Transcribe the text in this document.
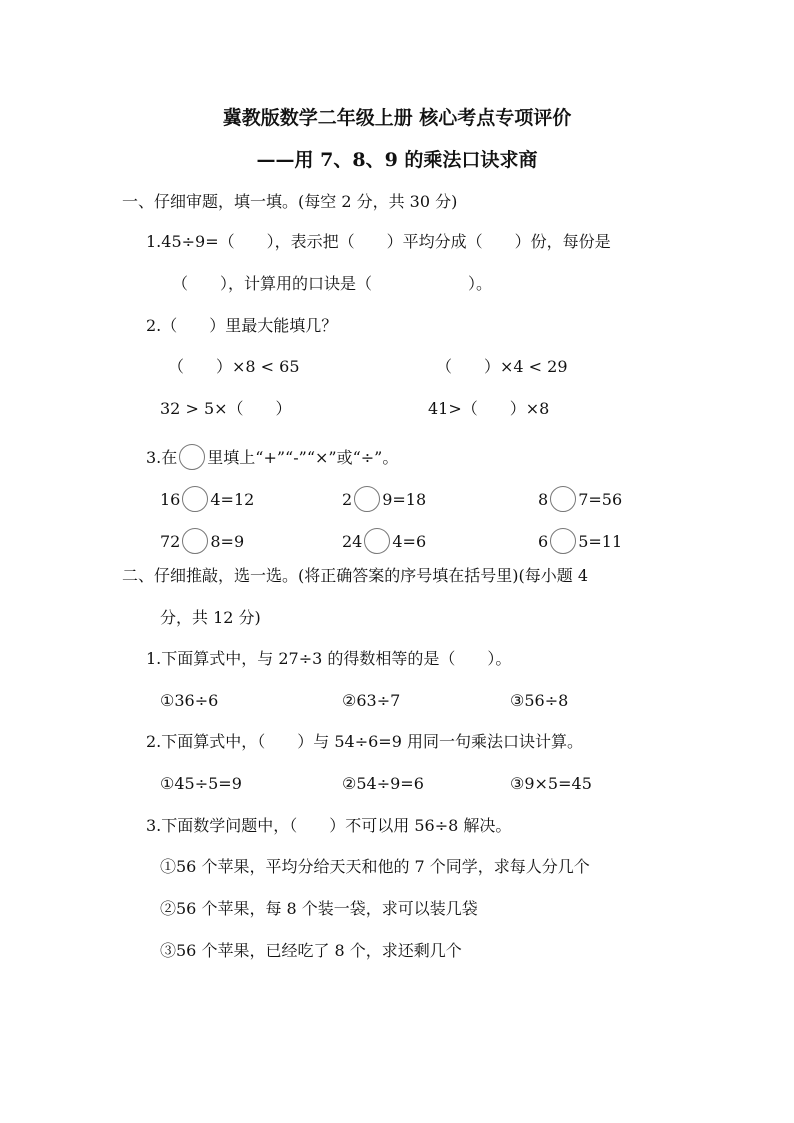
冀教版数学二年级上册 核心考点专项评价
——用 7、8、9 的乘法口诀求商
一、仔细审题，填一填。(每空 2 分，共 30 分)
1.45÷9=（　　），表示把（　　）平均分成（　　）份，每份是
（　　），计算用的口诀是（　　　　　　）。
2.（　　）里最大能填几？
（　　）×8 < 65	（　　）×4 < 29
32 > 5×（　　）	41>（　　）×8
3.在 里填上“+”“-”“×”或“÷”。
16 4=12	2 9=18	8 7=56
72 8=9	24 4=6	6 5=11
二、仔细推敲，选一选。(将正确答案的序号填在括号里)(每小题 4
分，共 12 分)
1.下面算式中，与 27÷3 的得数相等的是（　　）。
①36÷6	②63÷7	③56÷8
2.下面算式中，（　　）与 54÷6=9 用同一句乘法口诀计算。
①45÷5=9	②54÷9=6	③9×5=45
3.下面数学问题中，（　　）不可以用 56÷8 解决。
①56 个苹果，平均分给天天和他的 7 个同学，求每人分几个
②56 个苹果，每 8 个装一袋，求可以装几袋
③56 个苹果，已经吃了 8 个，求还剩几个
